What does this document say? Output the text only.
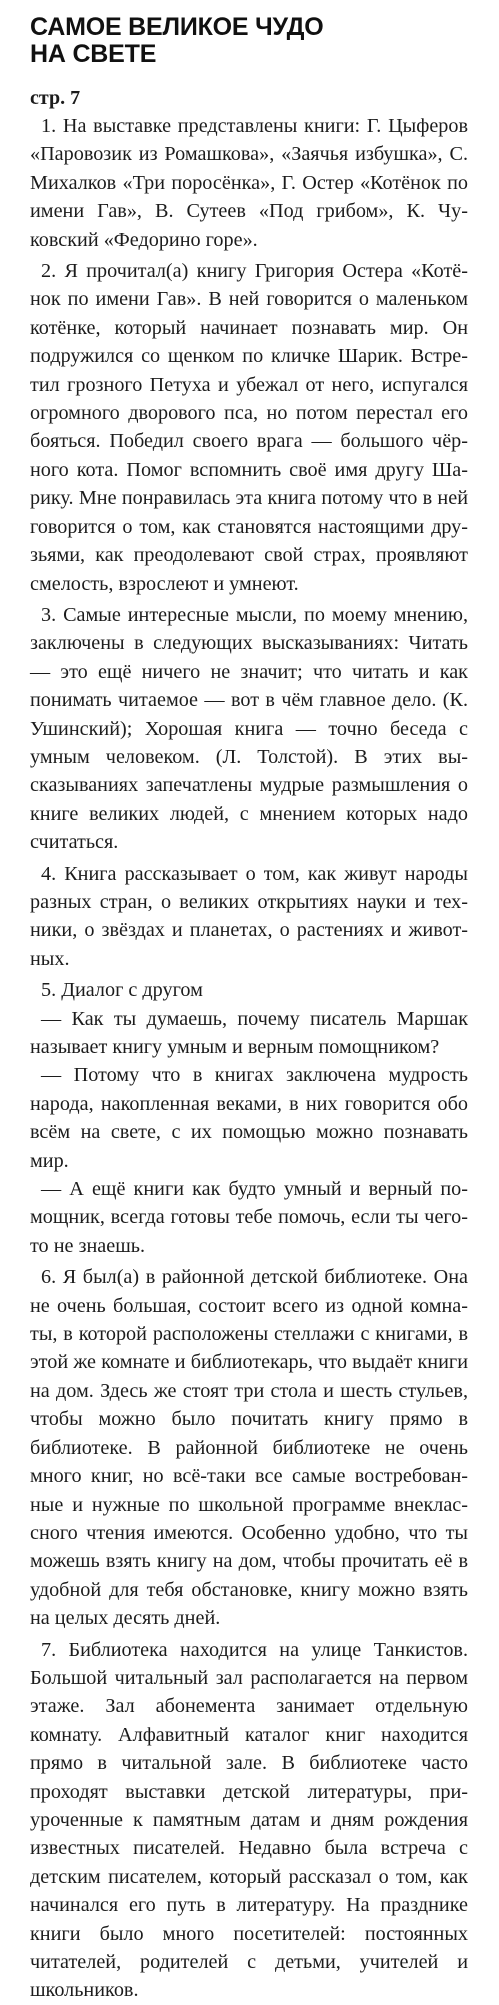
САМОЕ ВЕЛИКОЕ ЧУДО
НА СВЕТЕ

стр. 7

1. На выставке представлены книги: Г. Цыферов «Паровозик из Ромашкова», «Заячья избушка», С. Михалков «Три поросёнка», Г. Остер «Котёнок по имени Гав», В. Сутеев «Под грибом», К. Чуковский «Федорино горе».

2. Я прочитал(а) книгу Григория Остера «Котёнок по имени Гав». В ней говорится о маленьком котёнке, который начинает познавать мир. Он подружился со щенком по кличке Шарик. Встретил грозного Петуха и убежал от него, испугался огромного дворового пса, но потом перестал его бояться. Победил своего врага — большого чёрного кота. Помог вспомнить своё имя другу Шарику. Мне понравилась эта книга потому что в ней говорится о том, как становятся настоящими друзьями, как преодолевают свой страх, проявляют смелость, взрослеют и умнеют.

3. Самые интересные мысли, по моему мнению, заключены в следующих высказываниях: Читать — это ещё ничего не значит; что читать и как понимать читаемое — вот в чём главное дело. (К. Ушинский); Хорошая книга — точно беседа с умным человеком. (Л. Толстой). В этих высказываниях запечатлены мудрые размышления о книге великих людей, с мнением которых надо считаться.

4. Книга рассказывает о том, как живут народы разных стран, о великих открытиях науки и техники, о звёздах и планетах, о растениях и животных.

5. Диалог с другом

— Как ты думаешь, почему писатель Маршак называет книгу умным и верным помощником?

— Потому что в книгах заключена мудрость народа, накопленная веками, в них говорится обо всём на свете, с их помощью можно познавать мир.

— А ещё книги как будто умный и верный помощник, всегда готовы тебе помочь, если ты чего-то не знаешь.

6. Я был(а) в районной детской библиотеке. Она не очень большая, состоит всего из одной комнаты, в которой расположены стеллажи с книгами, в этой же комнате и библиотекарь, что выдаёт книги на дом. Здесь же стоят три стола и шесть стульев, чтобы можно было почитать книгу прямо в библиотеке. В районной библиотеке не очень много книг, но всё-таки все самые востребованные и нужные по школьной программе внеклассного чтения имеются. Особенно удобно, что ты можешь взять книгу на дом, чтобы прочитать её в удобной для тебя обстановке, книгу можно взять на целых десять дней.

7. Библиотека находится на улице Танкистов. Большой читальный зал располагается на первом этаже. Зал абонемента занимает отдельную комнату. Алфавитный каталог книг находится прямо в читальной зале. В библиотеке часто проходят выставки детской литературы, приуроченные к памятным датам и дням рождения известных писателей. Недавно была встреча с детским писателем, который рассказал о том, как начинался его путь в литературу. На празднике книги было много посетителей: постоянных читателей, родителей с детьми, учителей и школьников.
